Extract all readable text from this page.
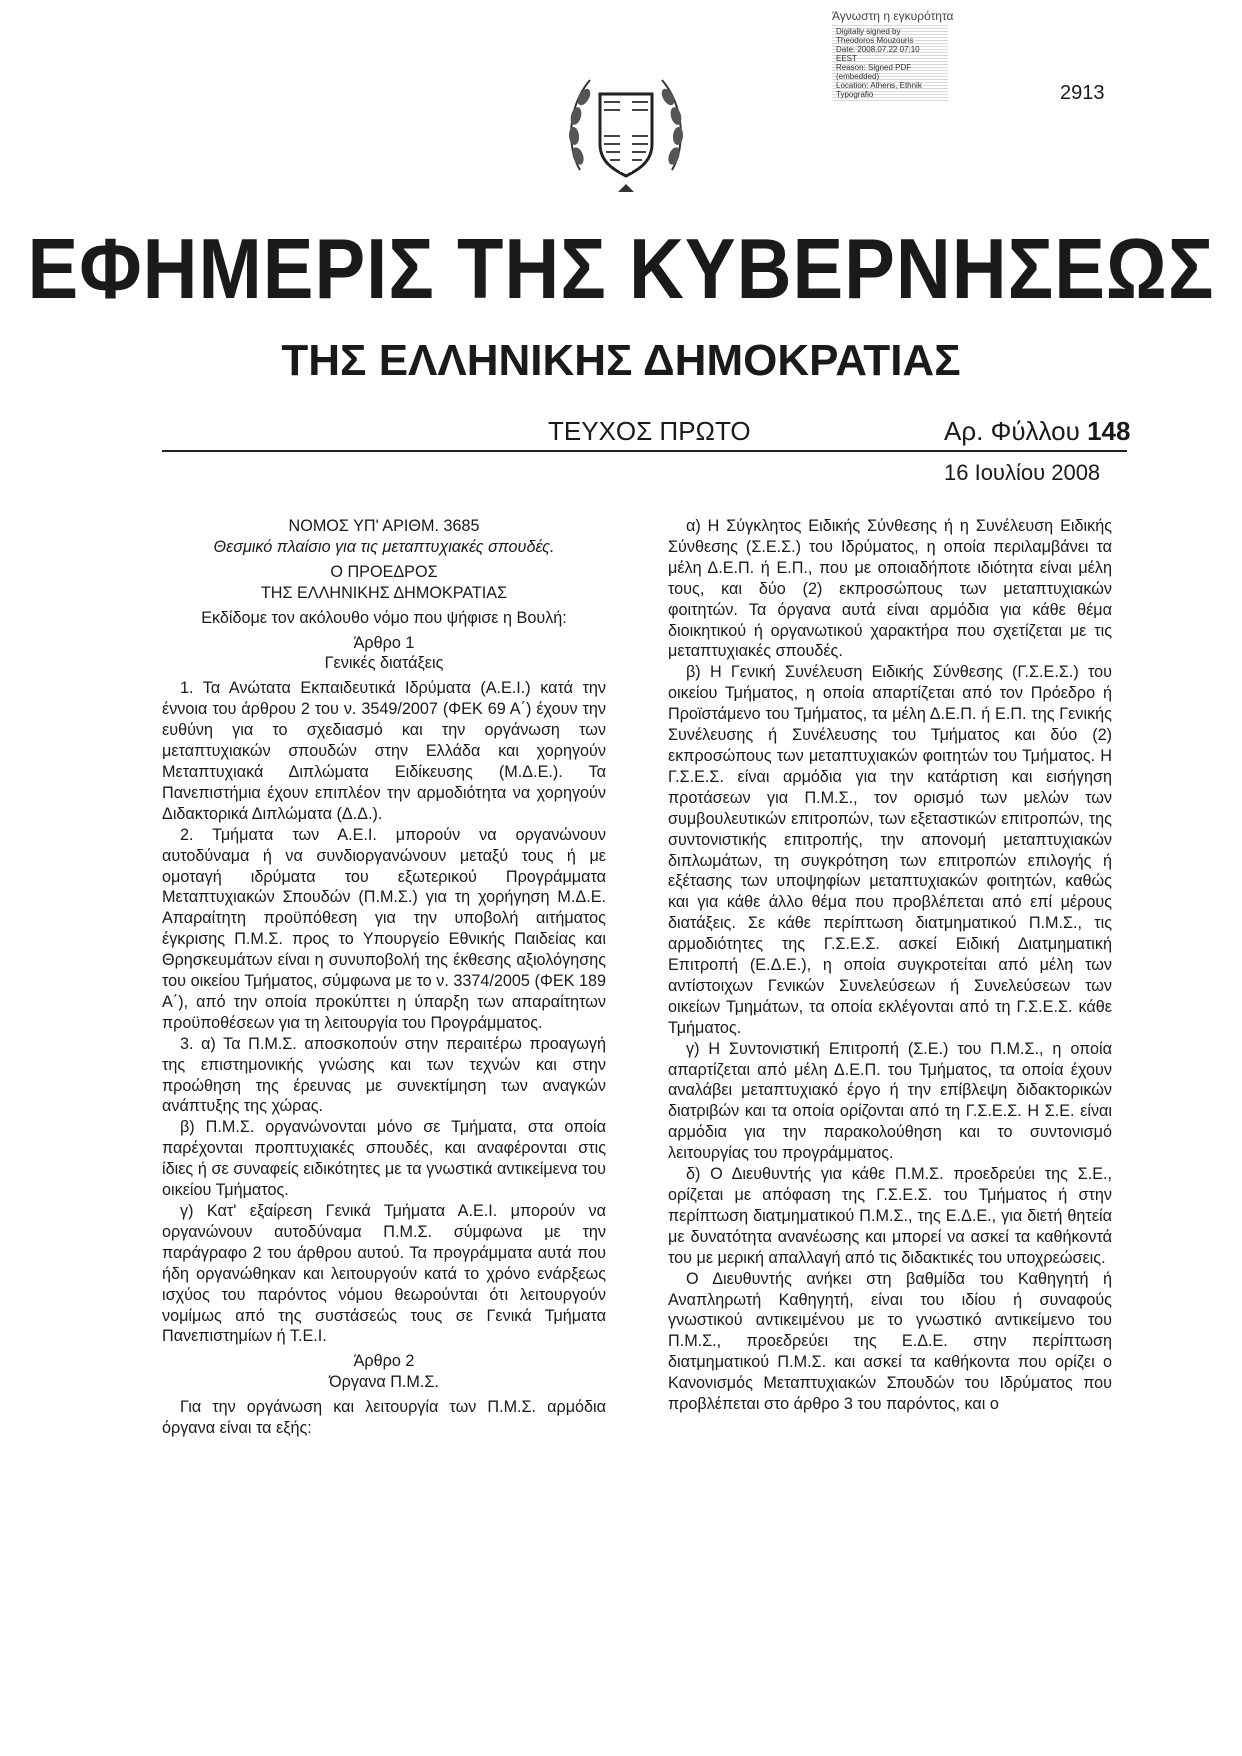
Άγνωστη η εγκυρότητα
Digitally signed by
Theodoros Mouzouris
Date: 2008.07.22 07:10
EEST
Reason: Signed PDF
(embedded)
Location: Athens, Ethnik
Typografio	2913
ΕΦΗΜΕΡΙΣ ΤΗΣ ΚΥΒΕΡΝΗΣΕΩΣ
ΤΗΣ ΕΛΛΗΝΙΚΗΣ ΔΗΜΟΚΡΑΤΙΑΣ
ΤΕΥΧΟΣ ΠΡΩΤΟ	Αρ. Φύλλου 148
16 Ιουλίου 2008

ΝΟΜΟΣ ΥΠ' ΑΡΙΘΜ. 3685

Θεσμικό πλαίσιο για τις μεταπτυχιακές σπουδές.

Ο ΠΡΟΕΔΡΟΣ

ΤΗΣ ΕΛΛΗΝΙΚΗΣ ΔΗΜΟΚΡΑΤΙΑΣ

Εκδίδομε τον ακόλουθο νόμο που ψήφισε η Βουλή:

Άρθρο 1

Γενικές διατάξεις

1. Τα Ανώτατα Εκπαιδευτικά Ιδρύματα (Α.Ε.Ι.) κατά την έννοια του άρθρου 2 του ν. 3549/2007 (ΦΕΚ 69 Α΄) έχουν την ευθύνη για το σχεδιασμό και την οργάνωση των μεταπτυχιακών σπουδών στην Ελλάδα και χορηγούν Μεταπτυχιακά Διπλώματα Ειδίκευσης (Μ.Δ.Ε.). Τα Πανεπιστήμια έχουν επιπλέον την αρμοδιότητα να χορηγούν Διδακτορικά Διπλώματα (Δ.Δ.).

2. Τμήματα των Α.Ε.Ι. μπορούν να οργανώνουν αυτοδύναμα ή να συνδιοργανώνουν μεταξύ τους ή με ομοταγή ιδρύματα του εξωτερικού Προγράμματα Μεταπτυχιακών Σπουδών (Π.Μ.Σ.) για τη χορήγηση Μ.Δ.Ε. Απαραίτητη προϋπόθεση για την υποβολή αιτήματος έγκρισης Π.Μ.Σ. προς το Υπουργείο Εθνικής Παιδείας και Θρησκευμάτων είναι η συνυποβολή της έκθεσης αξιολόγησης του οικείου Τμήματος, σύμφωνα με το ν. 3374/2005 (ΦΕΚ 189 Α΄), από την οποία προκύπτει η ύπαρξη των απαραίτητων προϋποθέσεων για τη λειτουργία του Προγράμματος.

3. α) Τα Π.Μ.Σ. αποσκοπούν στην περαιτέρω προαγωγή της επιστημονικής γνώσης και των τεχνών και στην προώθηση της έρευνας με συνεκτίμηση των αναγκών ανάπτυξης της χώρας.

β) Π.Μ.Σ. οργανώνονται μόνο σε Τμήματα, στα οποία παρέχονται προπτυχιακές σπουδές, και αναφέρονται στις ίδιες ή σε συναφείς ειδικότητες με τα γνωστικά αντικείμενα του οικείου Τμήματος.

γ) Κατ' εξαίρεση Γενικά Τμήματα Α.Ε.Ι. μπορούν να οργανώνουν αυτοδύναμα Π.Μ.Σ. σύμφωνα με την παράγραφο 2 του άρθρου αυτού. Τα προγράμματα αυτά που ήδη οργανώθηκαν και λειτουργούν κατά το χρόνο ενάρξεως ισχύος του παρόντος νόμου θεωρούνται ότι λειτουργούν νομίμως από της συστάσεώς τους σε Γενικά Τμήματα Πανεπιστημίων ή Τ.Ε.Ι.

Άρθρο 2

Όργανα Π.Μ.Σ.

Για την οργάνωση και λειτουργία των Π.Μ.Σ. αρμόδια όργανα είναι τα εξής:

α) Η Σύγκλητος Ειδικής Σύνθεσης ή η Συνέλευση Ειδικής Σύνθεσης (Σ.Ε.Σ.) του Ιδρύματος, η οποία περιλαμβάνει τα μέλη Δ.Ε.Π. ή Ε.Π., που με οποιαδήποτε ιδιότητα είναι μέλη τους, και δύο (2) εκπροσώπους των μεταπτυχιακών φοιτητών. Τα όργανα αυτά είναι αρμόδια για κάθε θέμα διοικητικού ή οργανωτικού χαρακτήρα που σχετίζεται με τις μεταπτυχιακές σπουδές.

β) Η Γενική Συνέλευση Ειδικής Σύνθεσης (Γ.Σ.Ε.Σ.) του οικείου Τμήματος, η οποία απαρτίζεται από τον Πρόεδρο ή Προϊστάμενο του Τμήματος, τα μέλη Δ.Ε.Π. ή Ε.Π. της Γενικής Συνέλευσης ή Συνέλευσης του Τμήματος και δύο (2) εκπροσώπους των μεταπτυχιακών φοιτητών του Τμήματος. Η Γ.Σ.Ε.Σ. είναι αρμόδια για την κατάρτιση και εισήγηση προτάσεων για Π.Μ.Σ., τον ορισμό των μελών των συμβουλευτικών επιτροπών, των εξεταστικών επιτροπών, της συντονιστικής επιτροπής, την απονομή μεταπτυχιακών διπλωμάτων, τη συγκρότηση των επιτροπών επιλογής ή εξέτασης των υποψηφίων μεταπτυχιακών φοιτητών, καθώς και για κάθε άλλο θέμα που προβλέπεται από επί μέρους διατάξεις. Σε κάθε περίπτωση διατμηματικού Π.Μ.Σ., τις αρμοδιότητες της Γ.Σ.Ε.Σ. ασκεί Ειδική Διατμηματική Επιτροπή (Ε.Δ.Ε.), η οποία συγκροτείται από μέλη των αντίστοιχων Γενικών Συνελεύσεων ή Συνελεύσεων των οικείων Τμημάτων, τα οποία εκλέγονται από τη Γ.Σ.Ε.Σ. κάθε Τμήματος.

γ) Η Συντονιστική Επιτροπή (Σ.Ε.) του Π.Μ.Σ., η οποία απαρτίζεται από μέλη Δ.Ε.Π. του Τμήματος, τα οποία έχουν αναλάβει μεταπτυχιακό έργο ή την επίβλεψη διδακτορικών διατριβών και τα οποία ορίζονται από τη Γ.Σ.Ε.Σ. Η Σ.Ε. είναι αρμόδια για την παρακολούθηση και το συντονισμό λειτουργίας του προγράμματος.

δ) Ο Διευθυντής για κάθε Π.Μ.Σ. προεδρεύει της Σ.Ε., ορίζεται με απόφαση της Γ.Σ.Ε.Σ. του Τμήματος ή στην περίπτωση διατμηματικού Π.Μ.Σ., της Ε.Δ.Ε., για διετή θητεία με δυνατότητα ανανέωσης και μπορεί να ασκεί τα καθήκοντά του με μερική απαλλαγή από τις διδακτικές του υποχρεώσεις.

Ο Διευθυντής ανήκει στη βαθμίδα του Καθηγητή ή Αναπληρωτή Καθηγητή, είναι του ιδίου ή συναφούς γνωστικού αντικειμένου με το γνωστικό αντικείμενο του Π.Μ.Σ., προεδρεύει της Ε.Δ.Ε. στην περίπτωση διατμηματικού Π.Μ.Σ. και ασκεί τα καθήκοντα που ορίζει ο Κανονισμός Μεταπτυχιακών Σπουδών του Ιδρύματος που προβλέπεται στο άρθρο 3 του παρόντος, και ο
